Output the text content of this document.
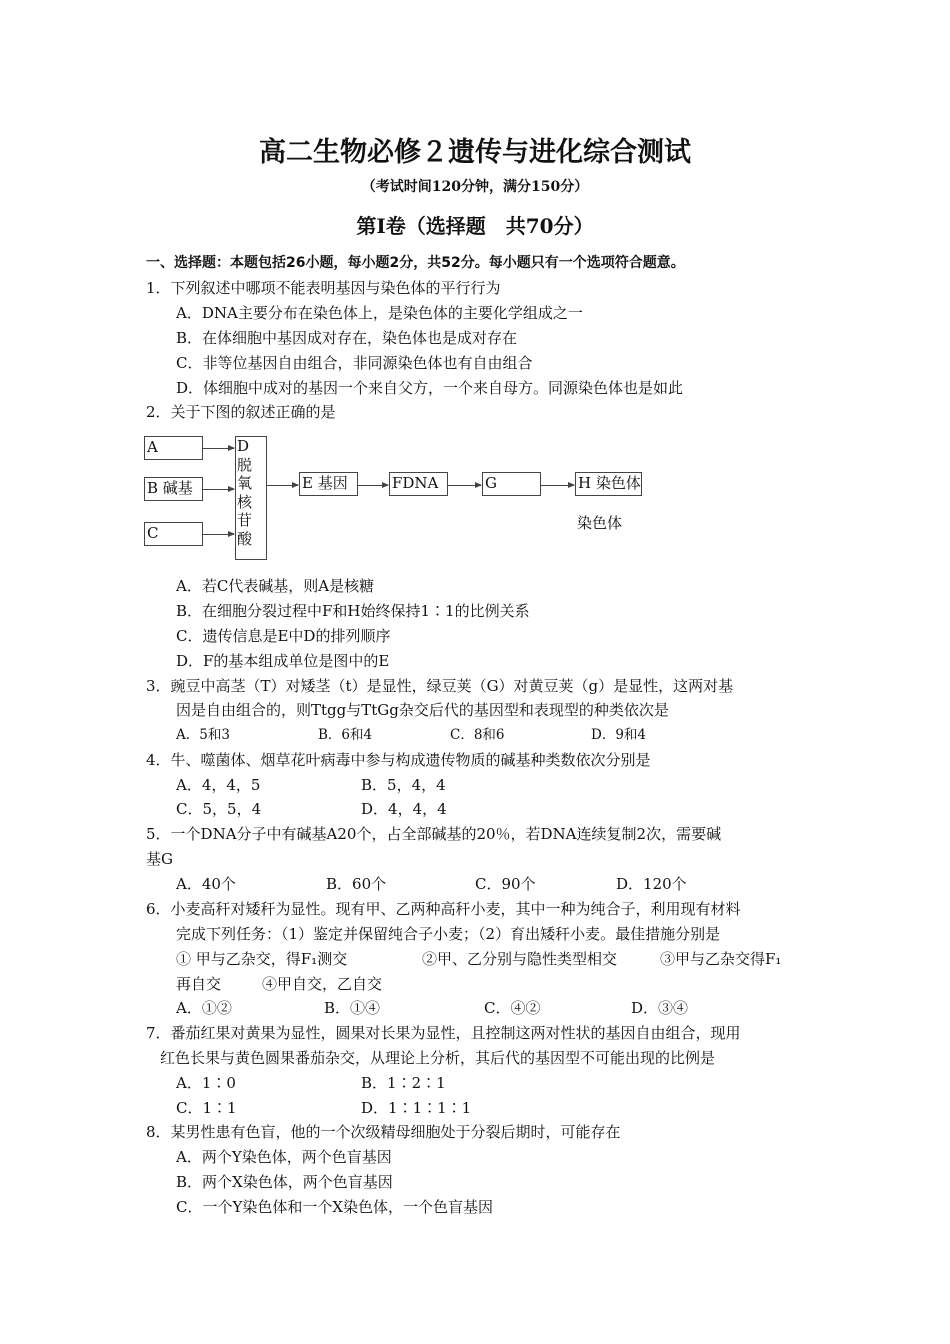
高二生物必修２遗传与进化综合测试
（考试时间120分钟，满分150分）
第Ⅰ卷（选择题　共70分）
一、选择题：本题包括26小题，每小题2分，共52分。每小题只有一个选项符合题意。
1．下列叙述中哪项不能表明基因与染色体的平行行为
A．DNA主要分布在染色体上，是染色体的主要化学组成之一
B．在体细胞中基因成对存在，染色体也是成对存在
C．非等位基因自由组合，非同源染色体也有自由组合
D．体细胞中成对的基因一个来自父方，一个来自母方。同源染色体也是如此
2．关于下图的叙述正确的是
A
B 碱基
C
D
脱
氧
核
苷
酸
E 基因	FDNA	G	H 染色体
染色体
A．若C代表碱基，则A是核糖
B．在细胞分裂过程中F和H始终保持1∶1的比例关系
C．遗传信息是E中D的排列顺序
D．F的基本组成单位是图中的E
3．豌豆中高茎（T）对矮茎（t）是显性，绿豆荚（G）对黄豆荚（g）是显性，这两对基
因是自由组合的，则Ttgg与TtGg杂交后代的基因型和表现型的种类依次是
A．5和3	B．6和4	C．8和6	D．9和4
4．牛、噬菌体、烟草花叶病毒中参与构成遗传物质的碱基种类数依次分别是
A．4，4，5	B．5，4，4
C．5，5，4	D．4，4，4
5．一个DNA分子中有碱基A20个，占全部碱基的20％，若DNA连续复制2次，需要碱
基G
A．40个	B．60个	C．90个	D．120个
6．小麦高秆对矮秆为显性。现有甲、乙两种高秆小麦，其中一种为纯合子，利用现有材料
完成下列任务：（1）鉴定并保留纯合子小麦；（2）育出矮秆小麦。最佳措施分别是
① 甲与乙杂交，得F₁测交	②甲、乙分别与隐性类型相交	③甲与乙杂交得F₁
再自交	④甲自交，乙自交
A．①②	B．①④	C．④②	D．③④
7．番茄红果对黄果为显性，圆果对长果为显性，且控制这两对性状的基因自由组合，现用
红色长果与黄色圆果番茄杂交，从理论上分析，其后代的基因型不可能出现的比例是
A．1∶0	B．1∶2∶1
C．1∶1	D．1∶1∶1∶1
8．某男性患有色盲，他的一个次级精母细胞处于分裂后期时，可能存在
A．两个Y染色体，两个色盲基因
B．两个X染色体，两个色盲基因
C．一个Y染色体和一个X染色体，一个色盲基因
